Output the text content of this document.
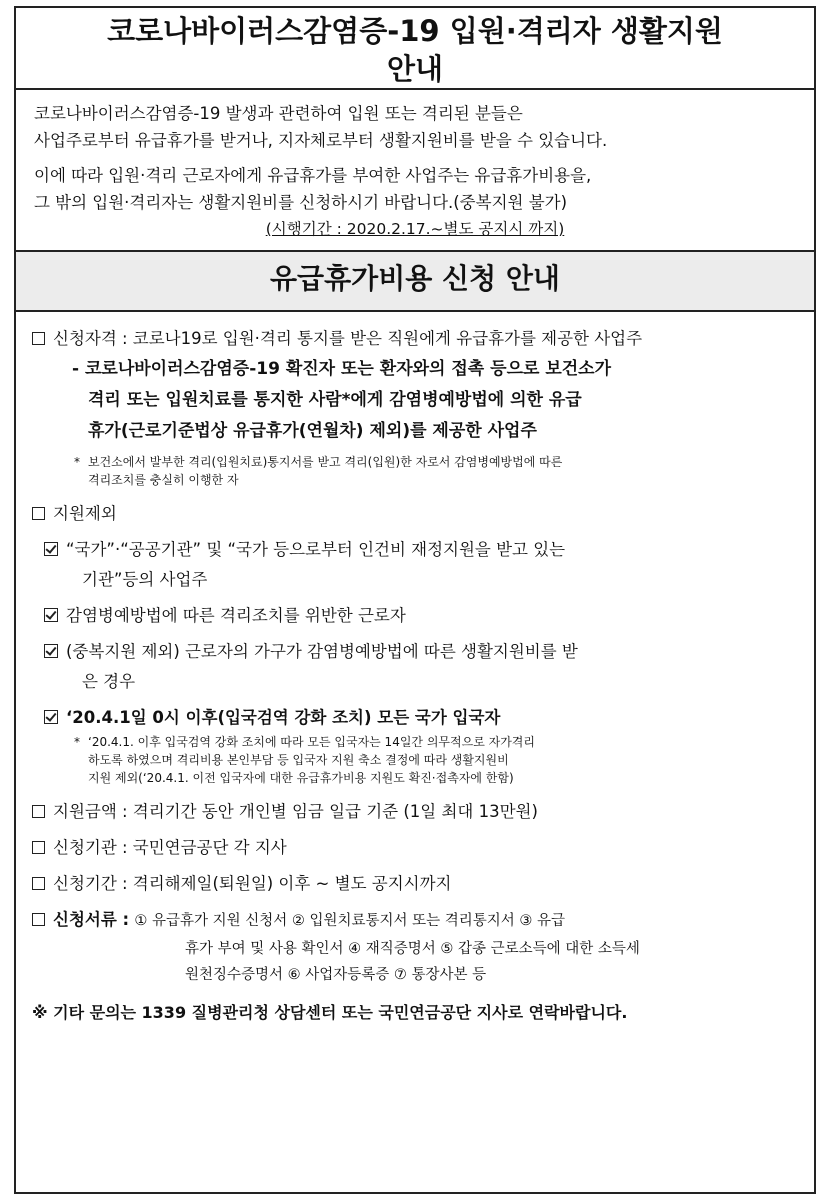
코로나바이러스감염증-19 입원·격리자 생활지원
안내

코로나바이러스감염증-19 발생과 관련하여 입원 또는 격리된 분들은

사업주로부터 유급휴가를 받거나, 지자체로부터 생활지원비를 받을 수 있습니다.

이에 따라 입원·격리 근로자에게 유급휴가를 부여한 사업주는 유급휴가비용을,

그 밖의 입원·격리자는 생활지원비를 신청하시기 바랍니다.(중복지원 불가)

(시행기간 : 2020.2.17.~별도 공지시 까지)
유급휴가비용 신청 안내
신청자격 : 코로나19로 입원·격리 통지를 받은 직원에게 유급휴가를 제공한 사업주
- 코로나바이러스감염증-19 확진자 또는 환자와의 접촉 등으로 보건소가
격리 또는 입원치료를 통지한 사람*에게 감염병예방법에 의한 유급
휴가(근로기준법상 유급휴가(연월차) 제외)를 제공한 사업주
* 보건소에서 발부한 격리(입원치료)통지서를 받고 격리(입원)한 자로서 감염병예방법에 따른
격리조치를 충실히 이행한 자
지원제외
“국가”·“공공기관” 및 “국가 등으로부터 인건비 재정지원을 받고 있는
기관”등의 사업주
감염병예방법에 따른 격리조치를 위반한 근로자
(중복지원 제외) 근로자의 가구가 감염병예방법에 따른 생활지원비를 받
은 경우
‘20.4.1일 0시 이후(입국검역 강화 조치) 모든 국가 입국자
* ‘20.4.1. 이후 입국검역 강화 조치에 따라 모든 입국자는 14일간 의무적으로 자가격리
하도록 하였으며 격리비용 본인부담 등 입국자 지원 축소 결정에 따라 생활지원비
지원 제외(‘20.4.1. 이전 입국자에 대한 유급휴가비용 지원도 확진·접촉자에 한함)
지원금액 : 격리기간 동안 개인별 임금 일급 기준 (1일 최대 13만원)
신청기관 : 국민연금공단 각 지사
신청기간 : 격리해제일(퇴원일) 이후 ~ 별도 공지시까지
신청서류 : ① 유급휴가 지원 신청서 ② 입원치료통지서 또는 격리통지서 ③ 유급
휴가 부여 및 사용 확인서 ④ 재직증명서 ⑤ 갑종 근로소득에 대한 소득세
원천징수증명서 ⑥ 사업자등록증 ⑦ 통장사본 등
※ 기타 문의는 1339 질병관리청 상담센터 또는 국민연금공단 지사로 연락바랍니다.
